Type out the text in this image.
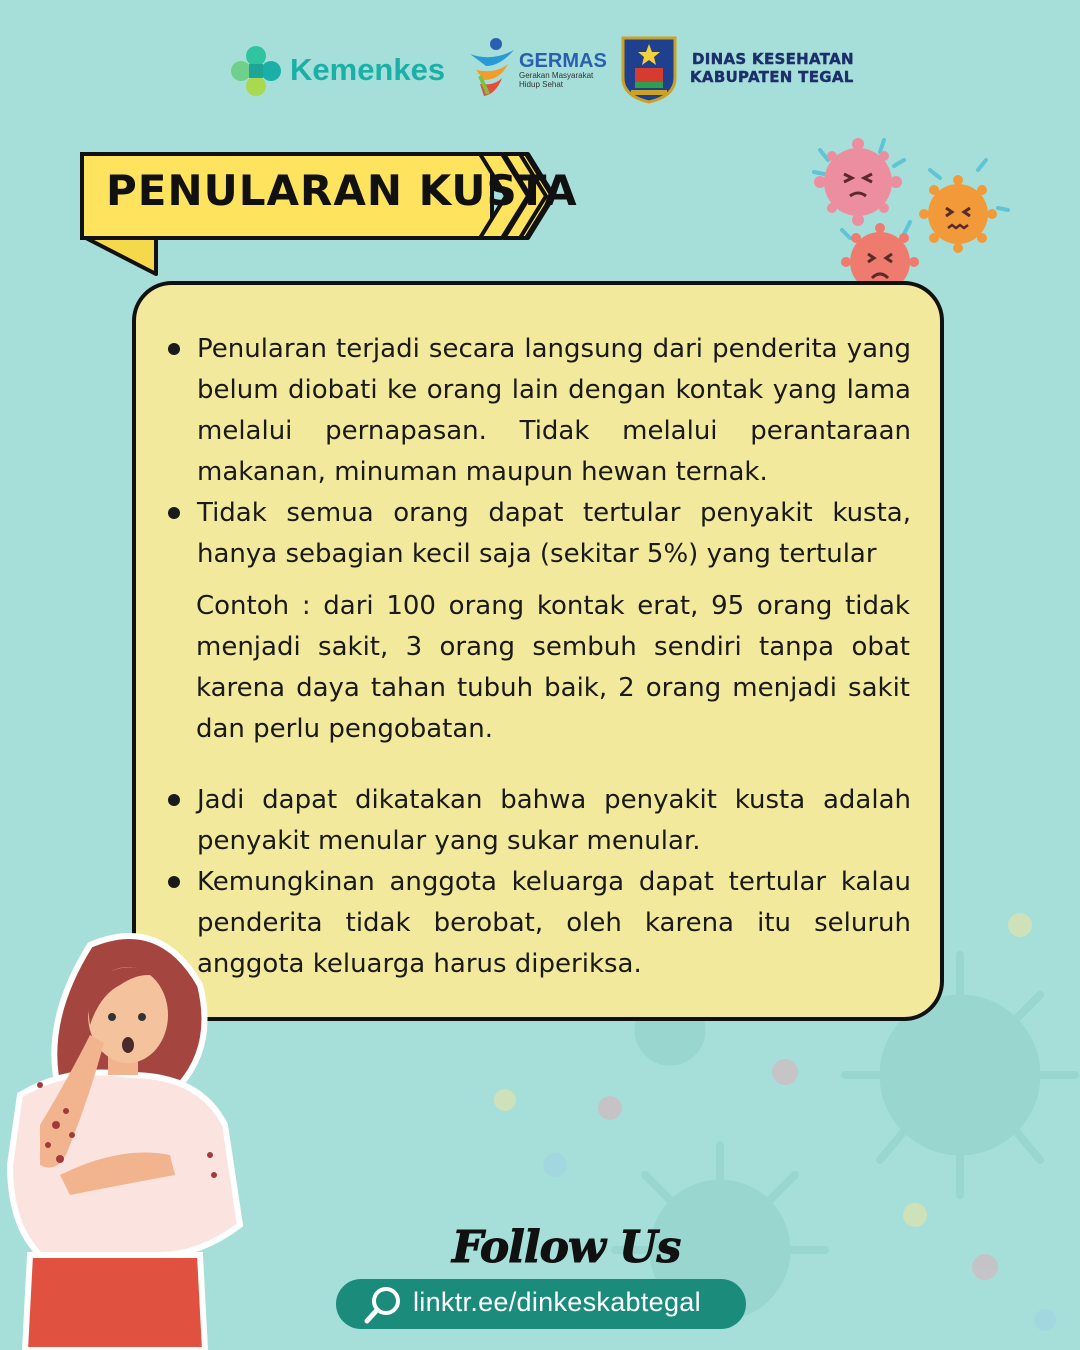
Kemenkes	GERMAS
Gerakan Masyarakat
Hidup Sehat
DINAS KESEHATAN
KABUPATEN TEGAL
PENULARAN KUSTA
Penularan terjadi secara langsung dari penderita yang belum diobati ke orang lain dengan kontak yang lama melalui pernapasan. Tidak melalui perantaraan makanan, minuman maupun hewan ternak.
Tidak semua orang dapat tertular penyakit kusta, hanya sebagian kecil saja (sekitar 5%) yang tertular
Contoh : dari 100 orang kontak erat, 95 orang tidak menjadi sakit, 3 orang sembuh sendiri tanpa obat karena daya tahan tubuh baik, 2 orang menjadi sakit dan perlu pengobatan.
Jadi dapat dikatakan bahwa penyakit kusta adalah penyakit menular yang sukar menular.
Kemungkinan anggota keluarga dapat tertular kalau penderita tidak berobat, oleh karena itu seluruh anggota keluarga harus diperiksa.
Follow Us
linktr.ee/dinkeskabtegal
